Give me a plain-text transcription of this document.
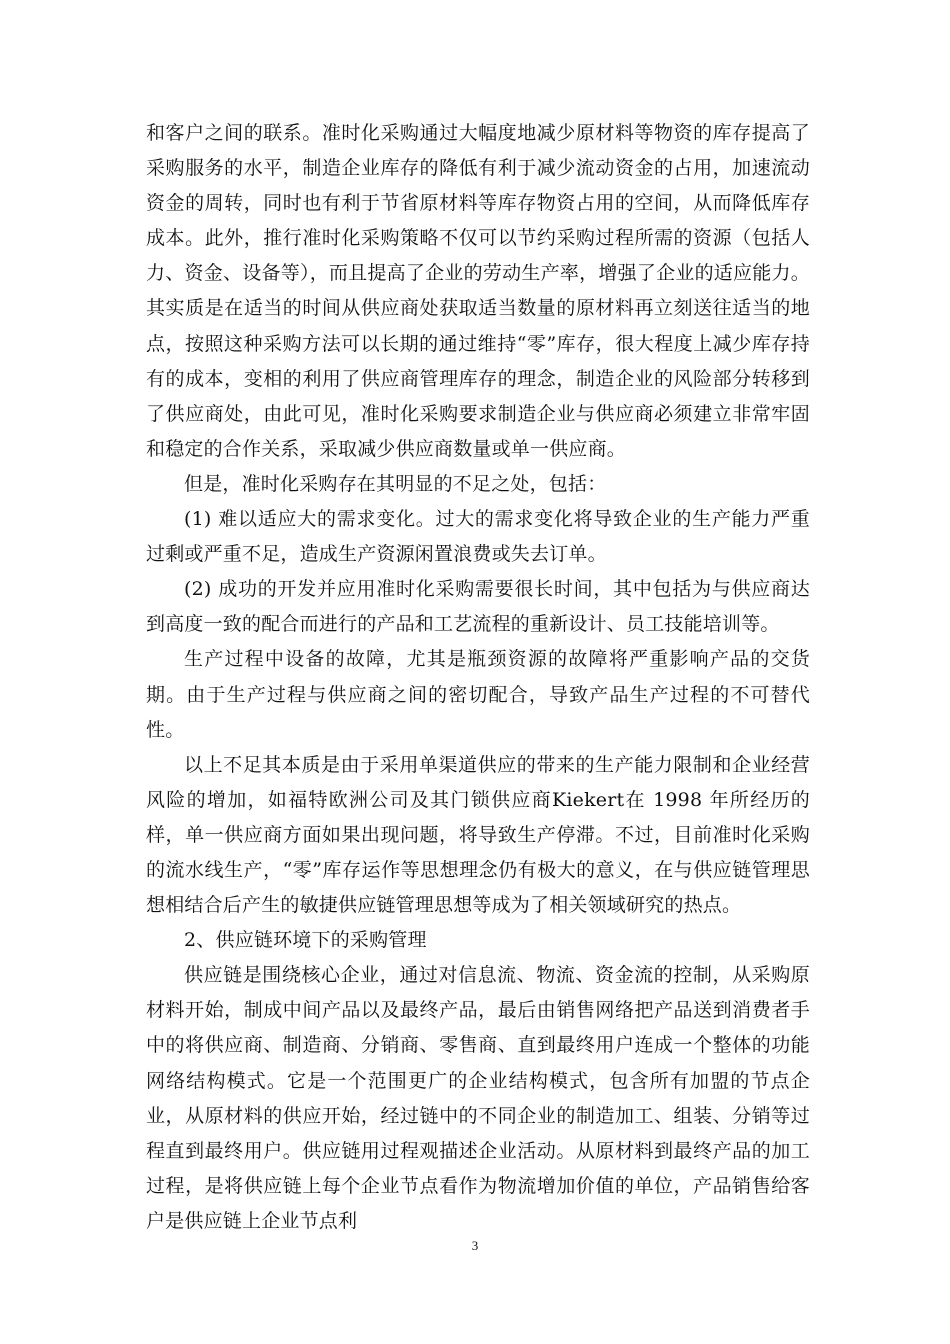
和客户之间的联系。准时化采购通过大幅度地减少原材料等物资的库存提高了采购服务的水平，制造企业库存的降低有利于减少流动资金的占用，加速流动资金的周转，同时也有利于节省原材料等库存物资占用的空间，从而降低库存成本。此外，推行准时化采购策略不仅可以节约采购过程所需的资源（包括人力、资金、设备等），而且提高了企业的劳动生产率，增强了企业的适应能力。其实质是在适当的时间从供应商处获取适当数量的原材料再立刻送往适当的地点，按照这种采购方法可以长期的通过维持“零”库存，很大程度上减少库存持有的成本，变相的利用了供应商管理库存的理念，制造企业的风险部分转移到了供应商处，由此可见，准时化采购要求制造企业与供应商必须建立非常牢固和稳定的合作关系，采取减少供应商数量或单一供应商。

但是，准时化采购存在其明显的不足之处，包括：

(1) 难以适应大的需求变化。过大的需求变化将导致企业的生产能力严重过剩或严重不足，造成生产资源闲置浪费或失去订单。

(2) 成功的开发并应用准时化采购需要很长时间，其中包括为与供应商达到高度一致的配合而进行的产品和工艺流程的重新设计、员工技能培训等。

生产过程中设备的故障，尤其是瓶颈资源的故障将严重影响产品的交货期。由于生产过程与供应商之间的密切配合，导致产品生产过程的不可替代性。

以上不足其本质是由于采用单渠道供应的带来的生产能力限制和企业经营风险的增加，如福特欧洲公司及其门锁供应商Kiekert在 1998 年所经历的样，单一供应商方面如果出现问题，将导致生产停滞。不过，目前准时化采购的流水线生产，“零”库存运作等思想理念仍有极大的意义，在与供应链管理思想相结合后产生的敏捷供应链管理思想等成为了相关领域研究的热点。

2、供应链环境下的采购管理

供应链是围绕核心企业，通过对信息流、物流、资金流的控制，从采购原材料开始，制成中间产品以及最终产品，最后由销售网络把产品送到消费者手中的将供应商、制造商、分销商、零售商、直到最终用户连成一个整体的功能网络结构模式。它是一个范围更广的企业结构模式，包含所有加盟的节点企业，从原材料的供应开始，经过链中的不同企业的制造加工、组装、分销等过程直到最终用户。供应链用过程观描述企业活动。从原材料到最终产品的加工过程，是将供应链上每个企业节点看作为物流增加价值的单位，产品销售给客户是供应链上企业节点利

3
